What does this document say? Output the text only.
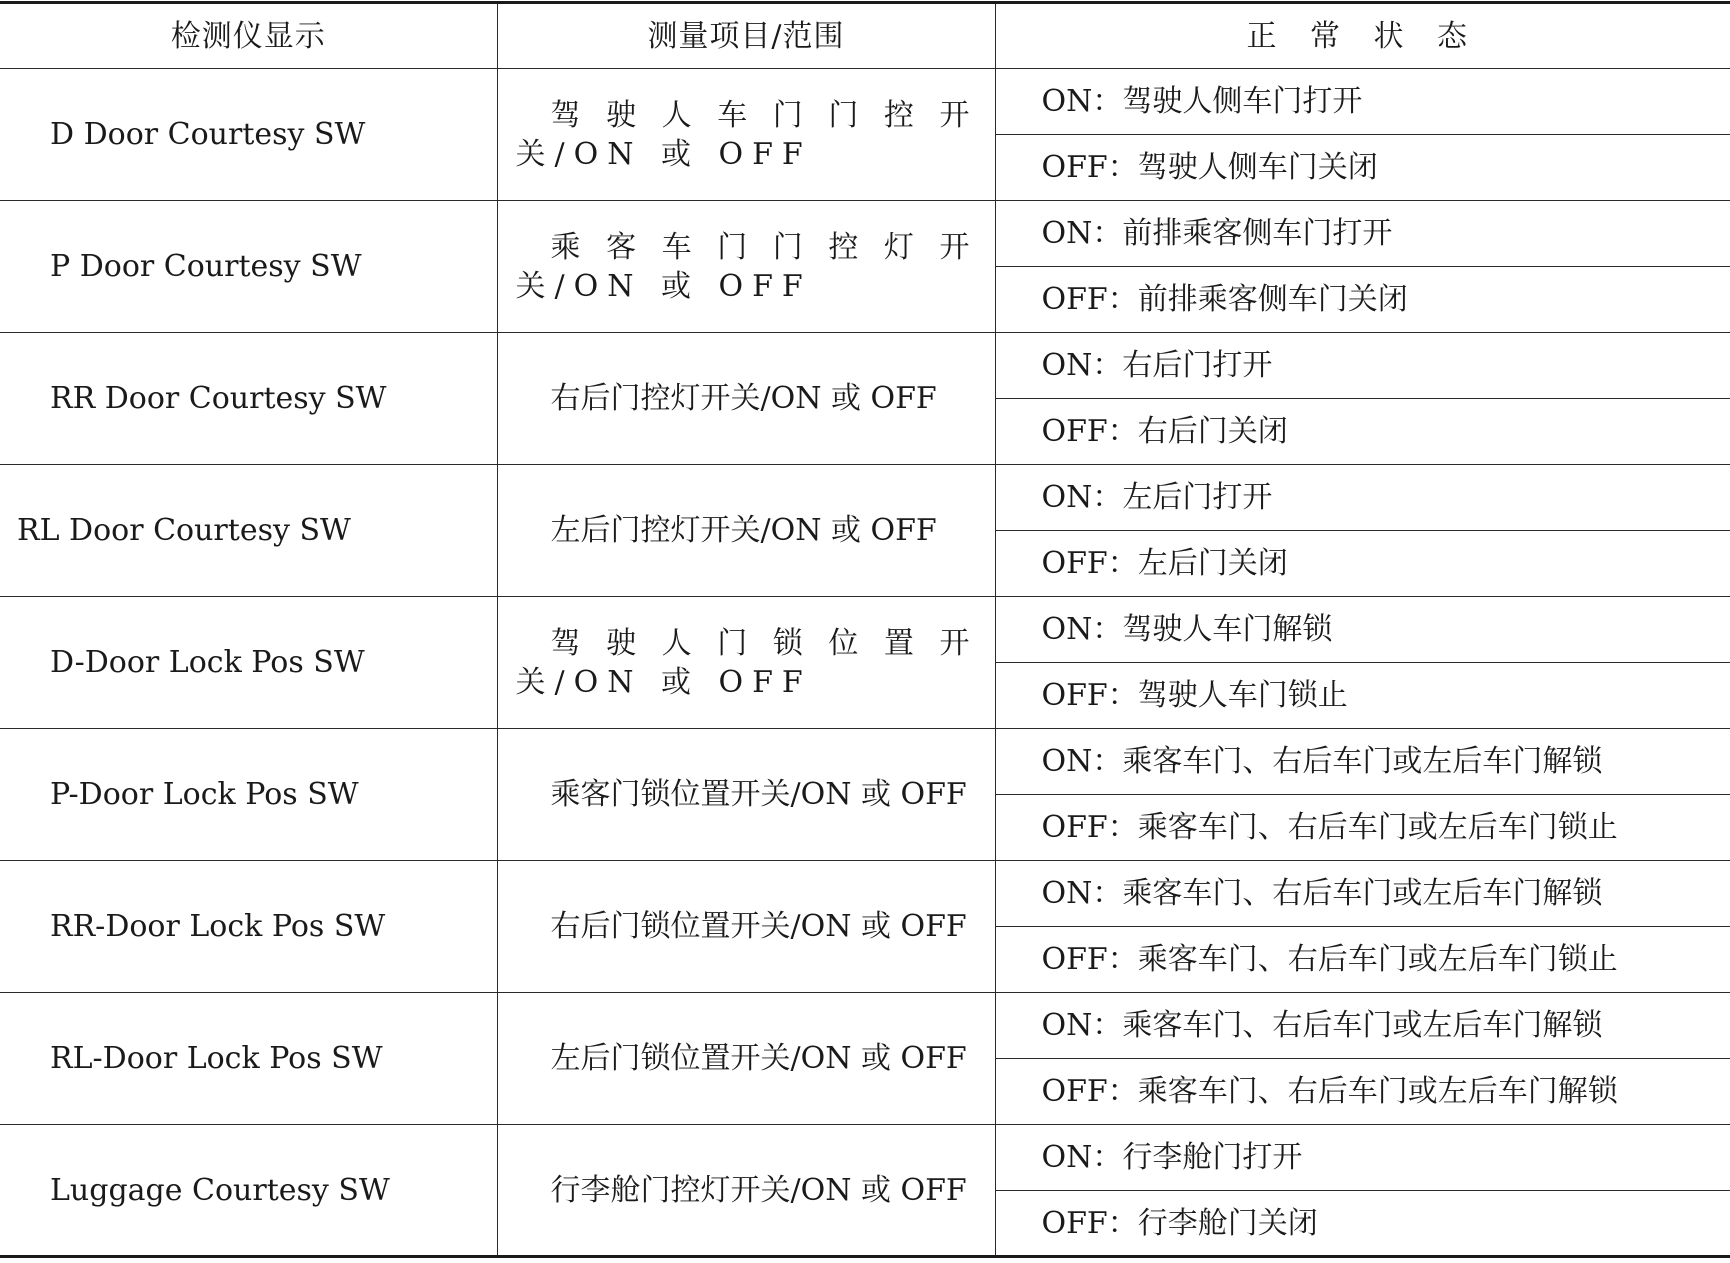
检测仪显示	测量项目/范围	正 常 状 态
D Door Courtesy SW	驾驶人车门门控开关/ON 或 OFF	ON：驾驶人侧车门打开
		OFF：驾驶人侧车门关闭
P Door Courtesy SW	乘客车门门控灯开关/ON 或 OFF	ON：前排乘客侧车门打开
		OFF：前排乘客侧车门关闭
RR Door Courtesy SW	右后门控灯开关/ON 或 OFF	ON：右后门打开
		OFF：右后门关闭
RL Door Courtesy SW	左后门控灯开关/ON 或 OFF	ON：左后门打开
		OFF：左后门关闭
D-Door Lock Pos SW	驾驶人门锁位置开关/ON 或 OFF	ON：驾驶人车门解锁
		OFF：驾驶人车门锁止
P-Door Lock Pos SW	乘客门锁位置开关/ON 或 OFF	ON：乘客车门、右后车门或左后车门解锁
		OFF：乘客车门、右后车门或左后车门锁止
RR-Door Lock Pos SW	右后门锁位置开关/ON 或 OFF	ON：乘客车门、右后车门或左后车门解锁
		OFF：乘客车门、右后车门或左后车门锁止
RL-Door Lock Pos SW	左后门锁位置开关/ON 或 OFF	ON：乘客车门、右后车门或左后车门解锁
		OFF：乘客车门、右后车门或左后车门解锁
Luggage Courtesy SW	行李舱门控灯开关/ON 或 OFF	ON：行李舱门打开
		OFF：行李舱门关闭
